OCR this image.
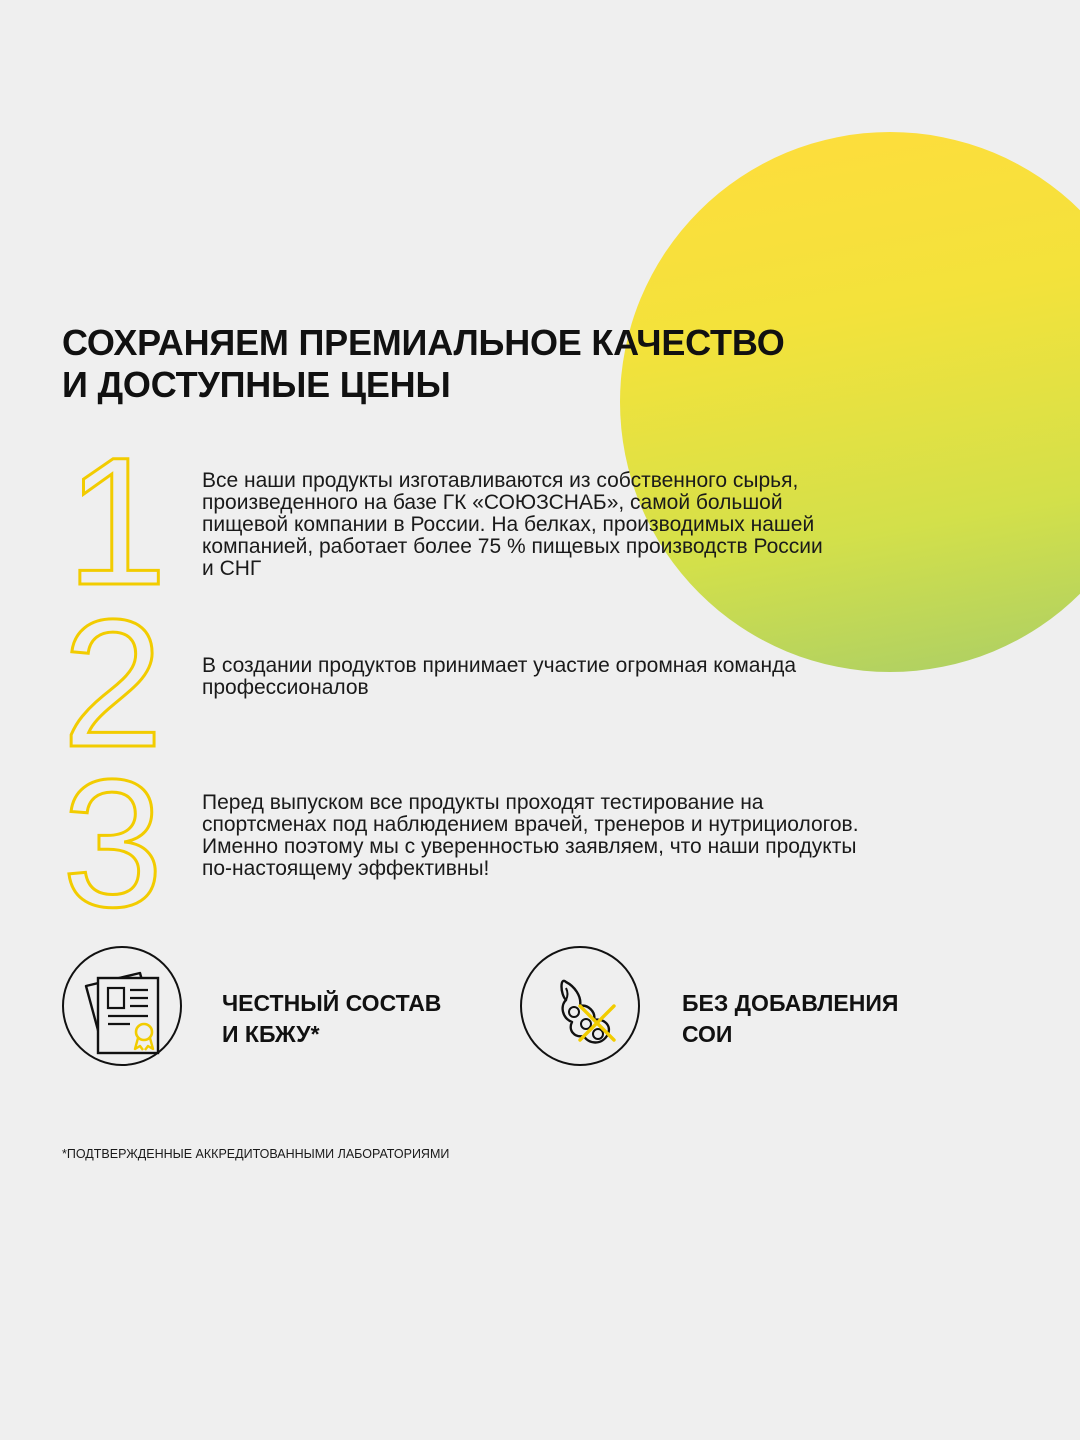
СОХРАНЯЕМ ПРЕМИАЛЬНОЕ КАЧЕСТВО
И ДОСТУПНЫЕ ЦЕНЫ
1 Все наши продукты изготавливаются из собственного сырья,
произведенного на базе ГК «СОЮЗСНАБ», самой большой
пищевой компании в России. На белках, производимых нашей
компанией, работает более 75 % пищевых производств России
и СНГ
2 В создании продуктов принимает участие огромная команда
профессионалов
3 Перед выпуском все продукты проходят тестирование на
спортсменах под наблюдением врачей, тренеров и нутрициологов.
Именно поэтому мы с уверенностью заявляем, что наши продукты
по-настоящему эффективны!
ЧЕСТНЫЙ СОСТАВ
И КБЖУ*
БЕЗ ДОБАВЛЕНИЯ
СОИ
*ПОДТВЕРЖДЕННЫЕ АККРЕДИТОВАННЫМИ ЛАБОРАТОРИЯМИ
